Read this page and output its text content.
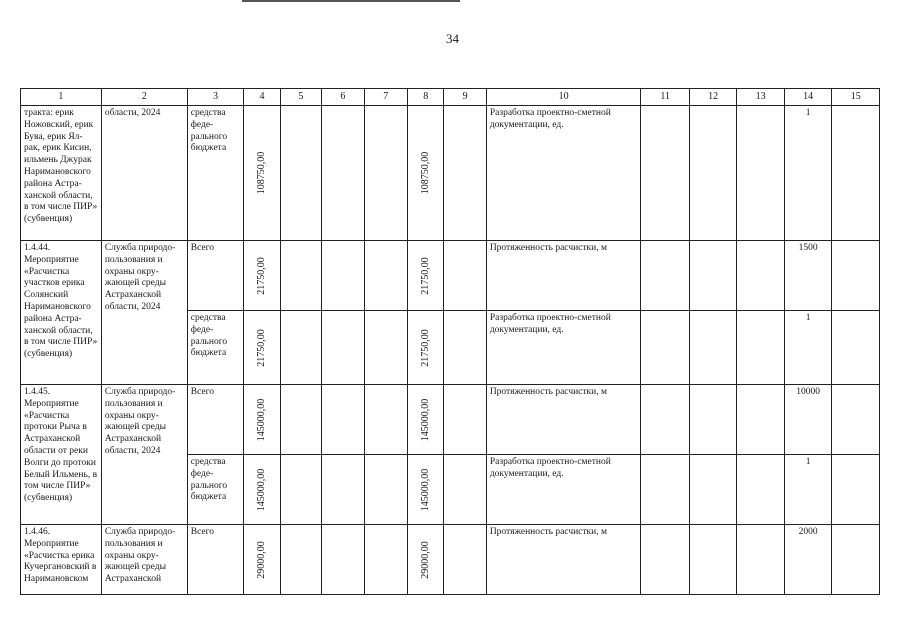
34
1	2	3	4	5	6	7	8	9	10	11	12	13	14	15
тракта: ерик Ножовский, ерик Бува, ерик Ял-рак, ерик Кисин, ильмень Джурак Наримановского района Астра-ханской области, в том числе ПИР» (субвенция)	области, 2024	средства феде-рального бюджета	108750,00				108750,00		Разработка проектно-сметной документации, ед.				1	
1.4.44. Мероприятие «Расчистка участков ерика Солянский Наримановского района Астра-ханской области, в том числе ПИР» (субвенция)	Служба природо-пользования и охраны окру-жающей среды Астраханской области, 2024	Всего	21750,00				21750,00		Протяженность расчистки, м				1500	
		средства феде-рального бюджета	21750,00				21750,00		Разработка проектно-сметной документации, ед.				1	
1.4.45. Мероприятие «Расчистка протоки Рыча в Астраханской области от реки Волги до протоки Белый Ильмень, в том числе ПИР» (субвенция)	Служба природо-пользования и охраны окру-жающей среды Астраханской области, 2024	Всего	145000,00				145000,00		Протяженность расчистки, м				10000	
		средства феде-рального бюджета	145000,00				145000,00		Разработка проектно-сметной документации, ед.				1	
1.4.46. Мероприятие «Расчистка ерика Кучергановский в Наримановском	Служба природо-пользования и охраны окру-жающей среды Астраханской	Всего	29000,00				29000,00		Протяженность расчистки, м				2000	
